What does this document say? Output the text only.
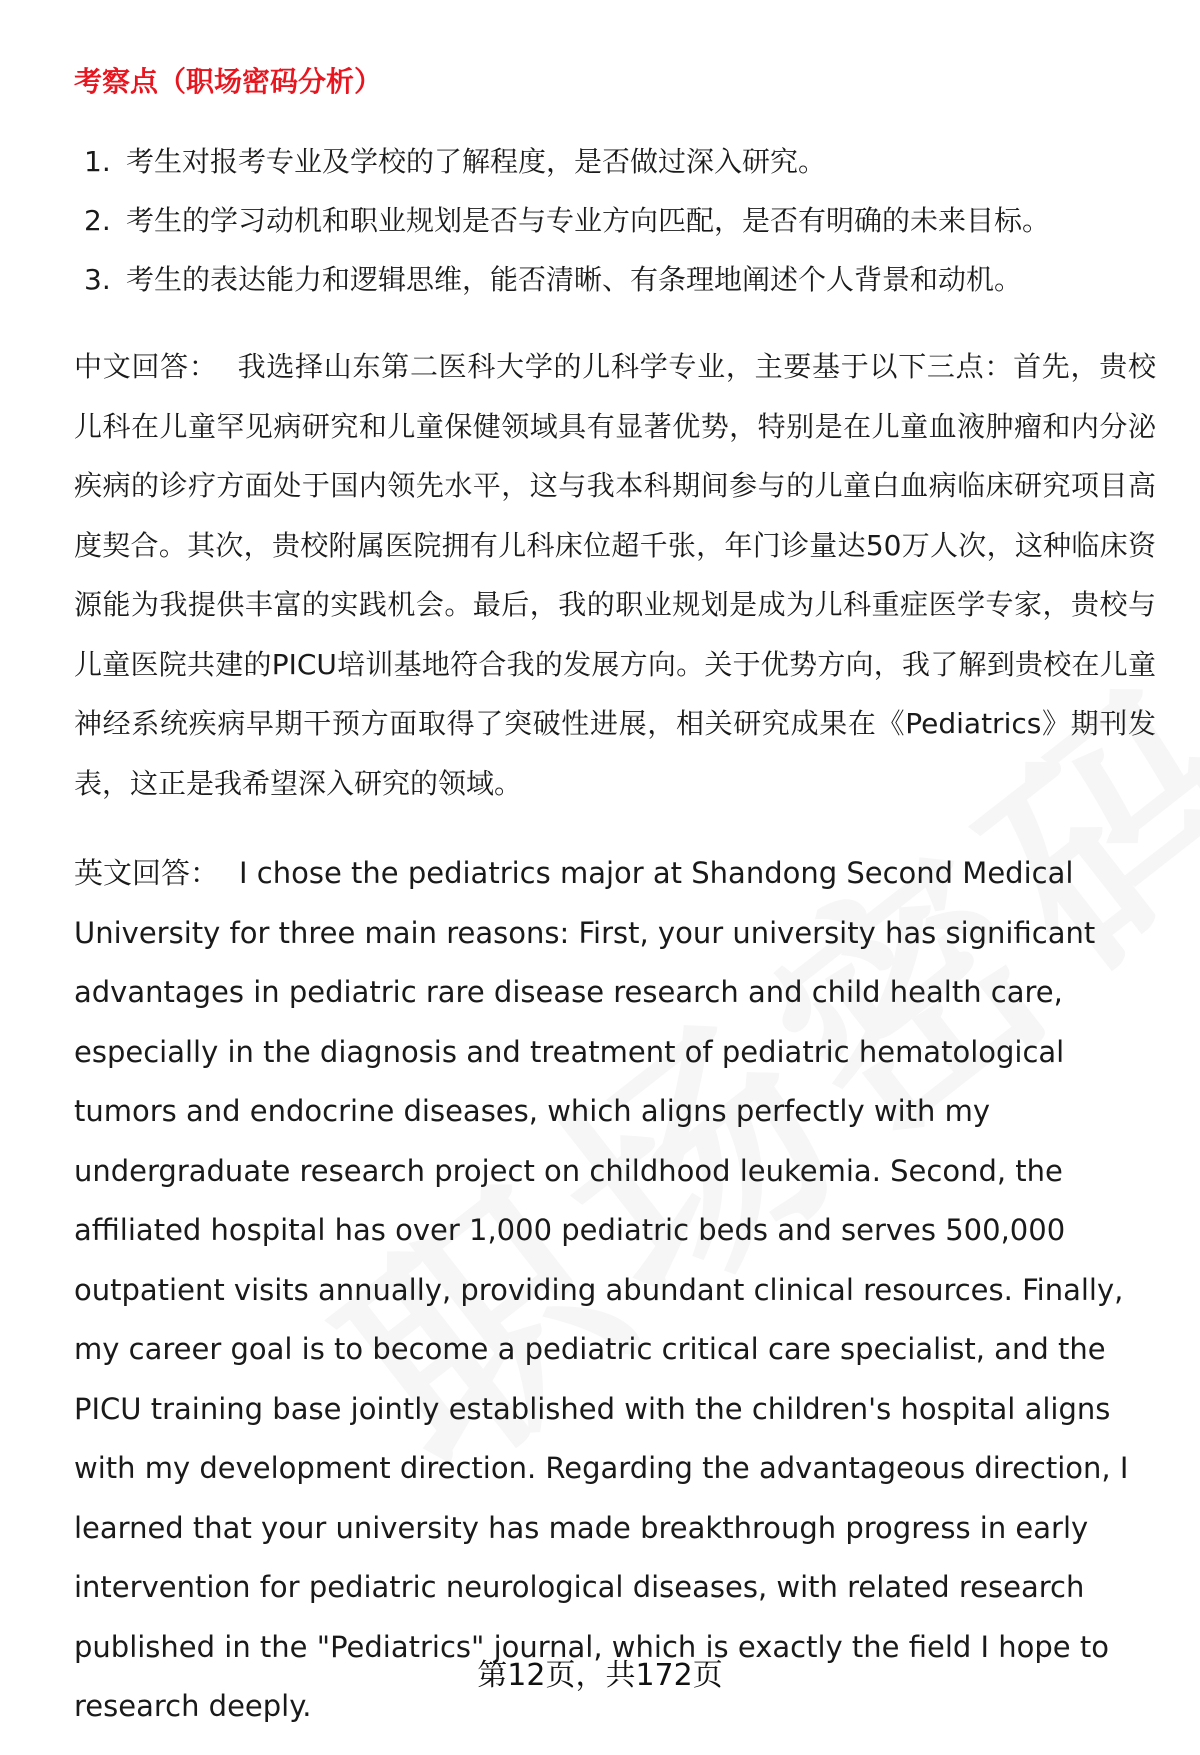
考察点（职场密码分析）
1. 考生对报考专业及学校的了解程度，是否做过深入研究。
2. 考生的学习动机和职业规划是否与专业方向匹配，是否有明确的未来目标。
3. 考生的表达能力和逻辑思维，能否清晰、有条理地阐述个人背景和动机。

中文回答： 我选择山东第二医科大学的儿科学专业，主要基于以下三点：首先，贵校儿科在儿童罕见病研究和儿童保健领域具有显著优势，特别是在儿童血液肿瘤和内分泌疾病的诊疗方面处于国内领先水平，这与我本科期间参与的儿童白血病临床研究项目高度契合。其次，贵校附属医院拥有儿科床位超千张，年门诊量达50万人次，这种临床资源能为我提供丰富的实践机会。最后，我的职业规划是成为儿科重症医学专家，贵校与儿童医院共建的PICU培训基地符合我的发展方向。关于优势方向，我了解到贵校在儿童神经系统疾病早期干预方面取得了突破性进展，相关研究成果在《Pediatrics》期刊发表，这正是我希望深入研究的领域。

英文回答： I chose the pediatrics major at Shandong Second Medical University for three main reasons: First, your university has significant advantages in pediatric rare disease research and child health care, especially in the diagnosis and treatment of pediatric hematological tumors and endocrine diseases, which aligns perfectly with my undergraduate research project on childhood leukemia. Second, the affiliated hospital has over 1,000 pediatric beds and serves 500,000 outpatient visits annually, providing abundant clinical resources. Finally, my career goal is to become a pediatric critical care specialist, and the PICU training base jointly established with the children's hospital aligns with my development direction. Regarding the advantageous direction, I learned that your university has made breakthrough progress in early intervention for pediatric neurological diseases, with related research published in the "Pediatrics" journal, which is exactly the field I hope to research deeply.

第12页，共172页
